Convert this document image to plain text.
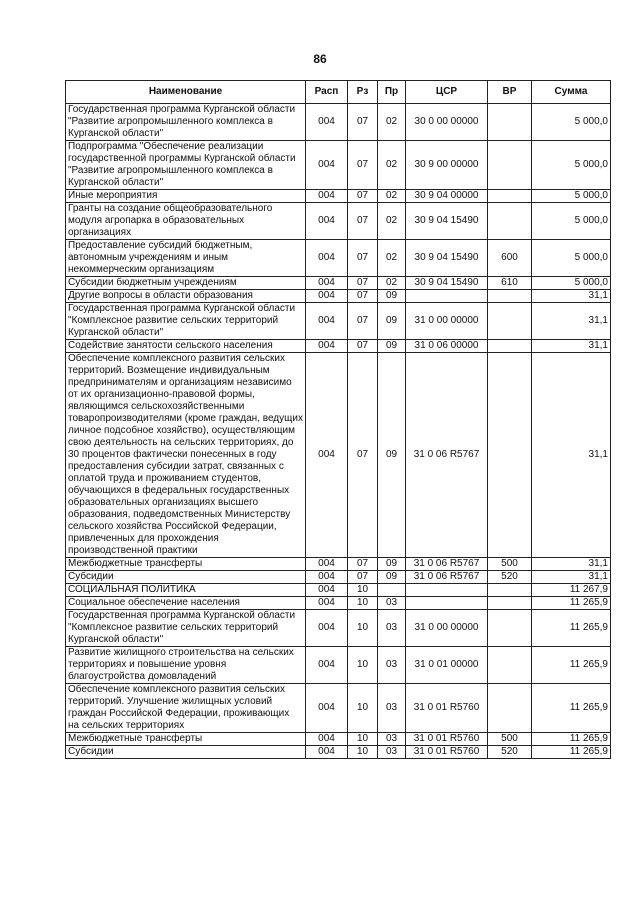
86
Наименование	Расп	Рз	Пр	ЦСР	ВР	Сумма
Государственная программа Курганской области "Развитие агропромышленного комплекса в Курганской области"	004	07	02	30 0 00 00000		5 000,0
Подпрограмма "Обеспечение реализации государственной программы Курганской области "Развитие агропромышленного комплекса в Курганской области"	004	07	02	30 9 00 00000		5 000,0
Иные мероприятия	004	07	02	30 9 04 00000		5 000,0
Гранты на создание общеобразовательного модуля агропарка в образовательных организациях	004	07	02	30 9 04 15490		5 000,0
Предоставление субсидий бюджетным, автономным учреждениям и иным некоммерческим организациям	004	07	02	30 9 04 15490	600	5 000,0
Субсидии бюджетным учреждениям	004	07	02	30 9 04 15490	610	5 000,0
Другие вопросы в области образования	004	07	09			31,1
Государственная программа Курганской области "Комплексное развитие сельских территорий Курганской области"	004	07	09	31 0 00 00000		31,1
Содействие занятости сельского населения	004	07	09	31 0 06 00000		31,1
Обеспечение комплексного развития сельских территорий. Возмещение индивидуальным предпринимателям и организациям независимо от их организационно-правовой формы, являющимся сельскохозяйственными товаропроизводителями (кроме граждан, ведущих личное подсобное хозяйство), осуществляющим свою деятельность на сельских территориях, до 30 процентов фактически понесенных в году предоставления субсидии затрат, связанных с оплатой труда и проживанием студентов, обучающихся в федеральных государственных образовательных организациях высшего образования, подведомственных Министерству сельского хозяйства Российской Федерации, привлеченных для прохождения производственной практики	004	07	09	31 0 06 R5767		31,1
Межбюджетные трансферты	004	07	09	31 0 06 R5767	500	31,1
Субсидии	004	07	09	31 0 06 R5767	520	31,1
СОЦИАЛЬНАЯ ПОЛИТИКА	004	10				11 267,9
Социальное обеспечение населения	004	10	03			11 265,9
Государственная программа Курганской области "Комплексное развитие сельских территорий Курганской области"	004	10	03	31 0 00 00000		11 265,9
Развитие жилищного строительства на сельских территориях и повышение уровня благоустройства домовладений	004	10	03	31 0 01 00000		11 265,9
Обеспечение комплексного развития сельских территорий. Улучшение жилищных условий граждан Российской Федерации, проживающих на сельских территориях	004	10	03	31 0 01 R5760		11 265,9
Межбюджетные трансферты	004	10	03	31 0 01 R5760	500	11 265,9
Субсидии	004	10	03	31 0 01 R5760	520	11 265,9
